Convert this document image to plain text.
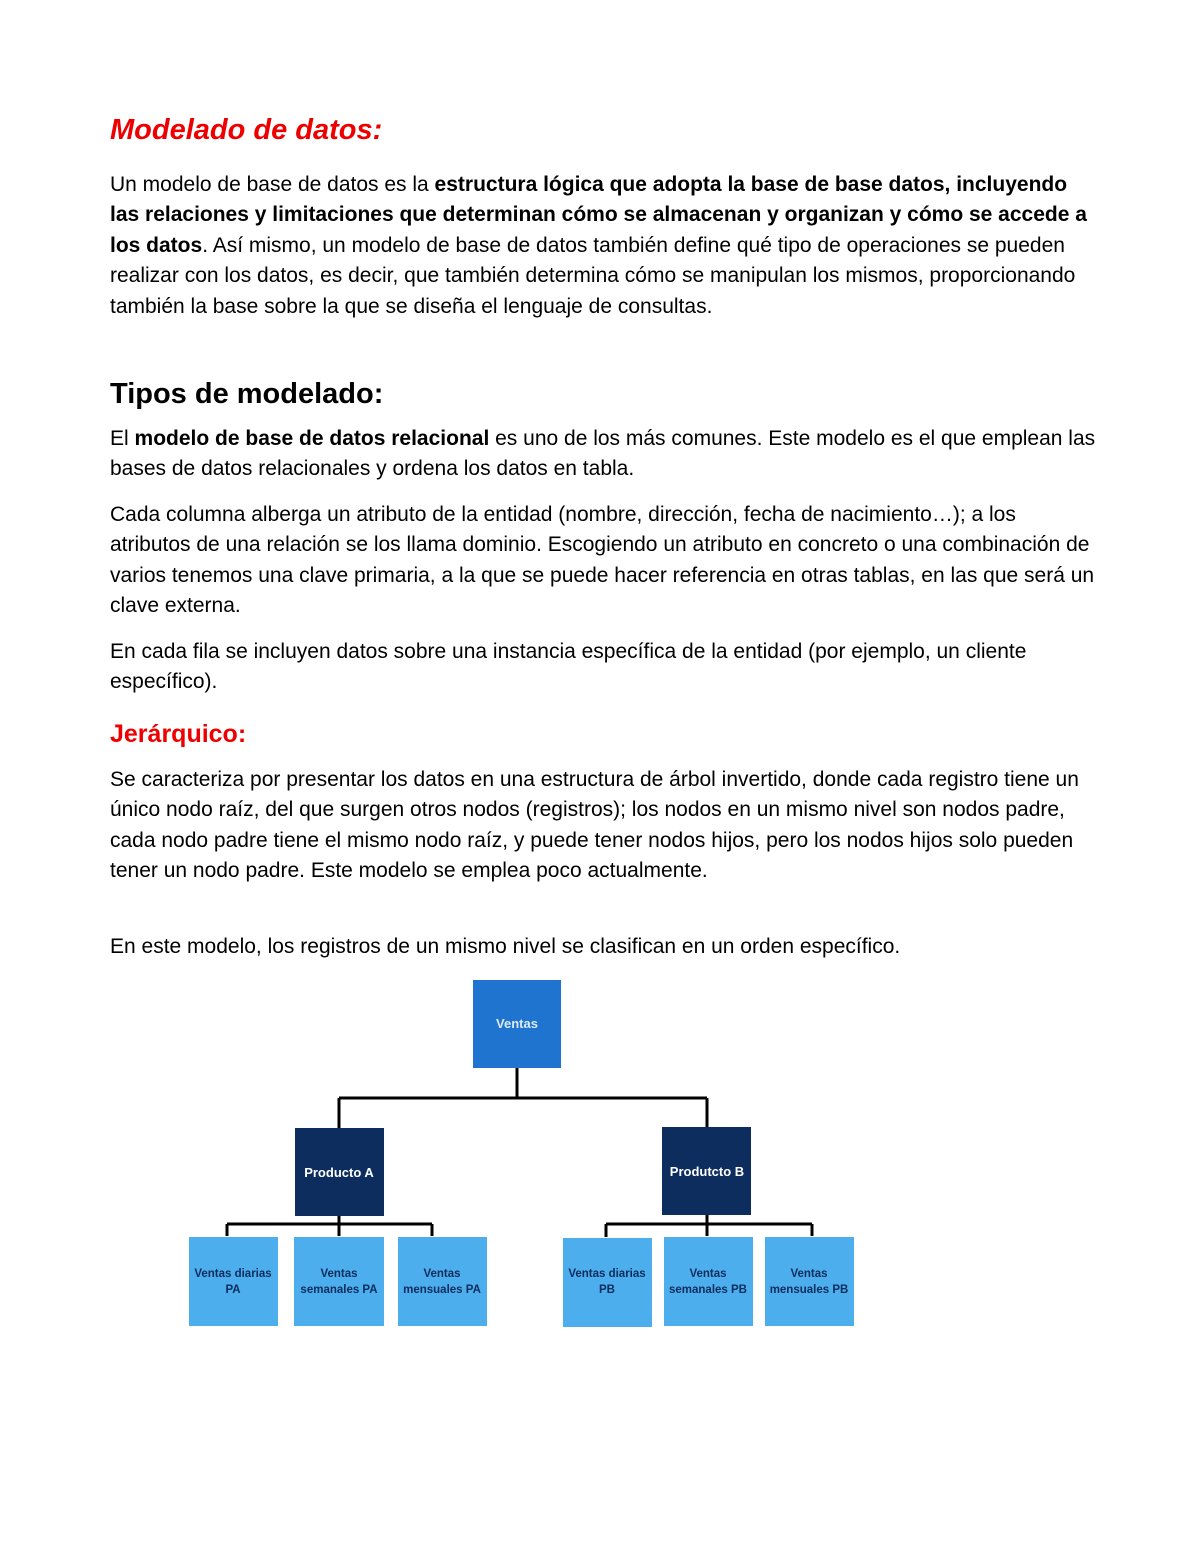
Modelado de datos:

Un modelo de base de datos es la estructura lógica que adopta la base de base datos, incluyendo las relaciones y limitaciones que determinan cómo se almacenan y organizan y cómo se accede a los datos. Así mismo, un modelo de base de datos también define qué tipo de operaciones se pueden realizar con los datos, es decir, que también determina cómo se manipulan los mismos, proporcionando también la base sobre la que se diseña el lenguaje de consultas.

Tipos de modelado:

El modelo de base de datos relacional es uno de los más comunes. Este modelo es el que emplean las bases de datos relacionales y ordena los datos en tabla.

Cada columna alberga un atributo de la entidad (nombre, dirección, fecha de nacimiento…); a los atributos de una relación se los llama dominio. Escogiendo un atributo en concreto o una combinación de varios tenemos una clave primaria, a la que se puede hacer referencia en otras tablas, en las que será un clave externa.

En cada fila se incluyen datos sobre una instancia específica de la entidad (por ejemplo, un cliente específico).

Jerárquico:

Se caracteriza por presentar los datos en una estructura de árbol invertido, donde cada registro tiene un único nodo raíz, del que surgen otros nodos (registros); los nodos en un mismo nivel son nodos padre, cada nodo padre tiene el mismo nodo raíz, y puede tener nodos hijos, pero los nodos hijos solo pueden tener un nodo padre. Este modelo se emplea poco actualmente.

En este modelo, los registros de un mismo nivel se clasifican en un orden específico.

Ventas
Producto A	Produtcto B
Ventas diarias
PA
Ventas
semanales PA
Ventas
mensuales PA
Ventas diarias
PB
Ventas
semanales PB
Ventas
mensuales PB
